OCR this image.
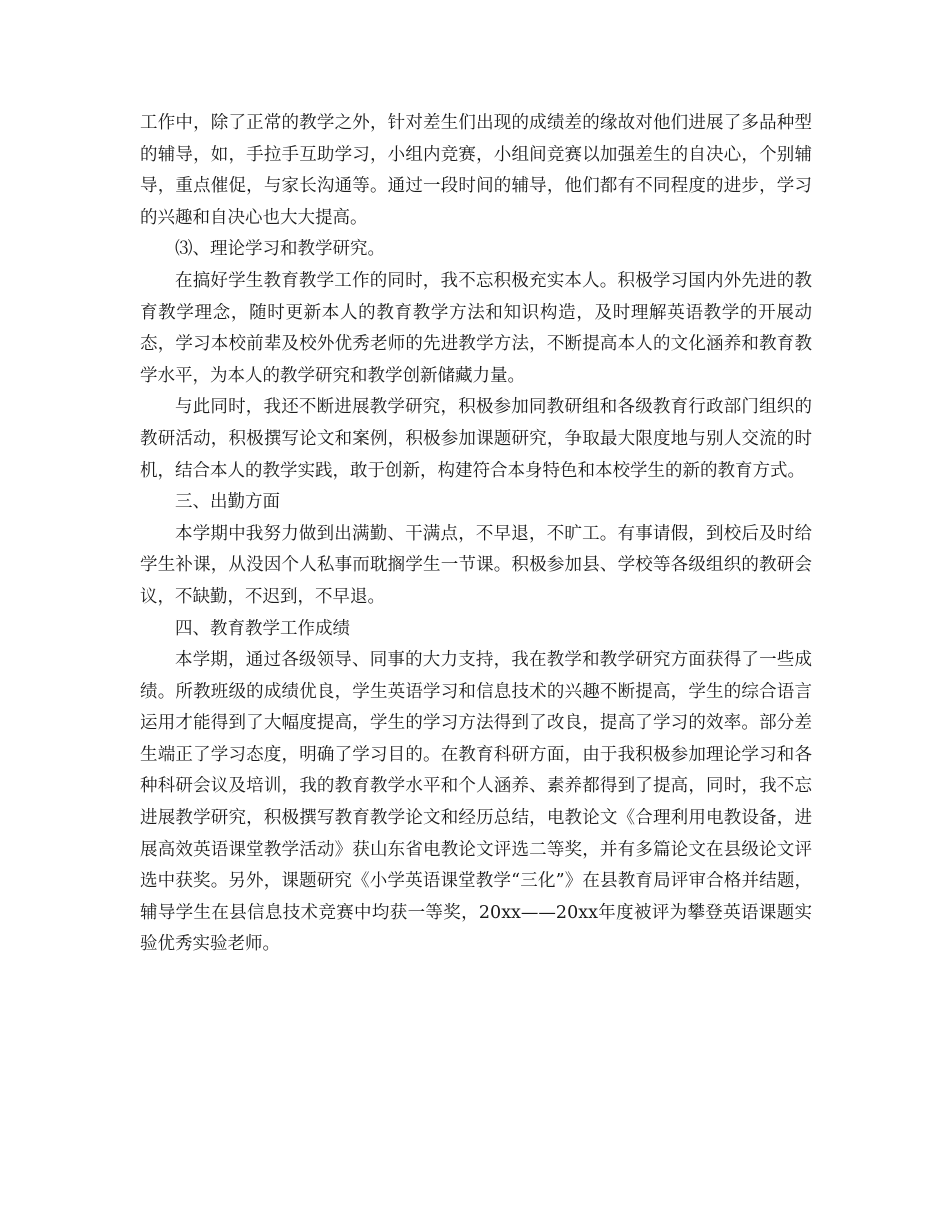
工作中，除了正常的教学之外，针对差生们出现的成绩差的缘故对他们进展了多品种型的辅导，如，手拉手互助学习，小组内竞赛，小组间竞赛以加强差生的自决心，个别辅导，重点催促，与家长沟通等。通过一段时间的辅导，他们都有不同程度的进步，学习的兴趣和自决心也大大提高。

⑶、理论学习和教学研究。

在搞好学生教育教学工作的同时，我不忘积极充实本人。积极学习国内外先进的教育教学理念，随时更新本人的教育教学方法和知识构造，及时理解英语教学的开展动态，学习本校前辈及校外优秀老师的先进教学方法，不断提高本人的文化涵养和教育教学水平，为本人的教学研究和教学创新储藏力量。

与此同时，我还不断进展教学研究，积极参加同教研组和各级教育行政部门组织的教研活动，积极撰写论文和案例，积极参加课题研究，争取最大限度地与别人交流的时机，结合本人的教学实践，敢于创新，构建符合本身特色和本校学生的新的教育方式。

三、出勤方面

本学期中我努力做到出满勤、干满点，不早退，不旷工。有事请假，到校后及时给学生补课，从没因个人私事而耽搁学生一节课。积极参加县、学校等各级组织的教研会议，不缺勤，不迟到，不早退。

四、教育教学工作成绩

本学期，通过各级领导、同事的大力支持，我在教学和教学研究方面获得了一些成绩。所教班级的成绩优良，学生英语学习和信息技术的兴趣不断提高，学生的综合语言运用才能得到了大幅度提高，学生的学习方法得到了改良，提高了学习的效率。部分差生端正了学习态度，明确了学习目的。在教育科研方面，由于我积极参加理论学习和各种科研会议及培训，我的教育教学水平和个人涵养、素养都得到了提高，同时，我不忘进展教学研究，积极撰写教育教学论文和经历总结，电教论文《合理利用电教设备，进展高效英语课堂教学活动》获山东省电教论文评选二等奖，并有多篇论文在县级论文评选中获奖。另外，课题研究《小学英语课堂教学“三化”》在县教育局评审合格并结题，辅导学生在县信息技术竞赛中均获一等奖，20xx——20xx年度被评为攀登英语课题实验优秀实验老师。
